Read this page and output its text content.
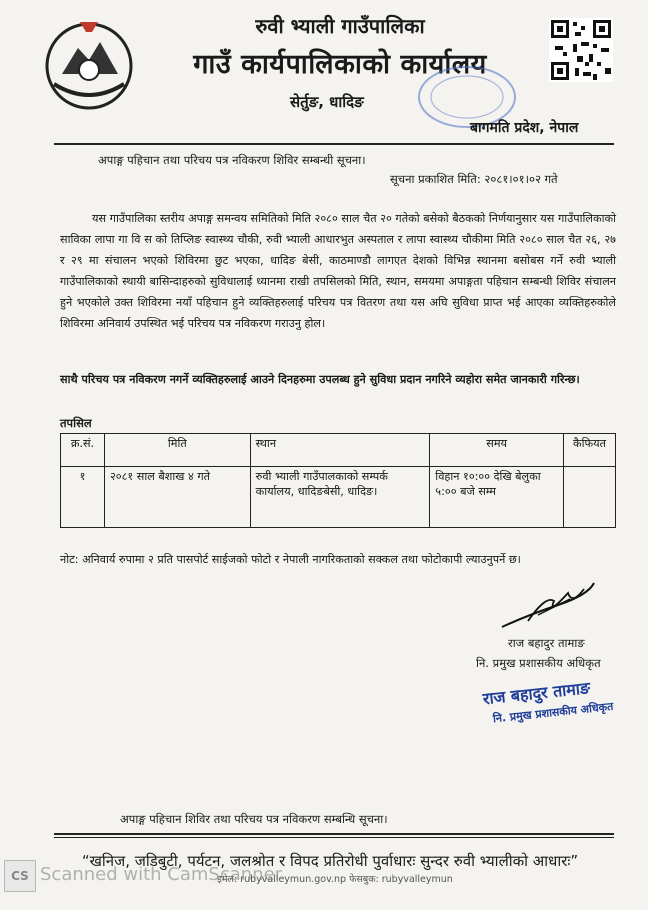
रुवी भ्याली गाउँपालिका
गाउँ कार्यपालिकाको कार्यालय
सेर्तुङ, धादिङ
बागमति प्रदेश, नेपाल
अपाङ्ग पहिचान तथा परिचय पत्र नविकरण शिविर सम्बन्धी सूचना।
सूचना प्रकाशित मिति: २०८१।०१।०२ गते
यस गाउँपालिका स्तरीय अपाङ्ग समन्वय समितिको मिति २०८० साल चैत २० गतेको बसेको बैठकको निर्णयानुसार यस गाउँपालिकाको साविका लापा गा वि स को तिप्लिङ स्वास्थ्य चौकी, रुवी भ्याली आधारभुत अस्पताल र लापा स्वास्थ्य चौकीमा मिति २०८० साल चैत २६, २७ र २९ मा संचालन भएको शिविरमा छुट भएका, धादिङ बेसी, काठमाण्डौ लागएत देशको विभिन्न स्थानमा बसोबस गर्ने रुवी भ्याली गाउँपालिकाको स्थायी बासिन्दाहरुको सुविधालाई ध्यानमा राखी तपसिलको मिति, स्थान, समयमा अपाङ्गता पहिचान सम्बन्धी शिविर संचालन हुने भएकोले उक्त शिविरमा नयाँ पहिचान हुने व्यक्तिहरुलाई परिचय पत्र वितरण तथा यस अघि सुविधा प्राप्त भई आएका व्यक्तिहरुकोले शिविरमा अनिवार्य उपस्थित भई परिचय पत्र नविकरण गराउनु होल।
साथै परिचय पत्र नविकरण नगर्ने व्यक्तिहरुलाई आउने दिनहरुमा उपलब्ध हुने सुविधा प्रदान नगरिने व्यहोरा समेत जानकारी गरिन्छ।
तपसिल
क्र.सं.	मिति	स्थान	समय	कैफियत
१	२०८१ साल बैशाख ४ गते	रुवी भ्याली गाउँपालकाको सम्पर्क कार्यालय, धादिङबेसी, धादिङ।	विहान १०:०० देखि बेलुका ५:०० बजे सम्म	
नोट: अनिवार्य रुपामा २ प्रति पासपोर्ट साईजको फोटो र नेपाली नागरिकताको सक्कल तथा फोटोकापी ल्याउनुपर्ने छ।
राज बहादुर तामाङ
नि. प्रमुख प्रशासकीय अधिकृत
राज बहादुर तामाङ
नि. प्रमुख प्रशासकीय अधिकृत
अपाङ्ग पहिचान शिविर तथा परिचय पत्र नविकरण सम्बन्धि सूचना।
“खनिज, जडिबुटी, पर्यटन, जलश्रोत र विपद प्रतिरोधी पुर्वाधारः सुन्दर रुवी भ्यालीको आधारः”
इमेल: rubyvalleymun.gov.np फेसबुक: rubyvalleymun
CS Scanned with CamScanner
